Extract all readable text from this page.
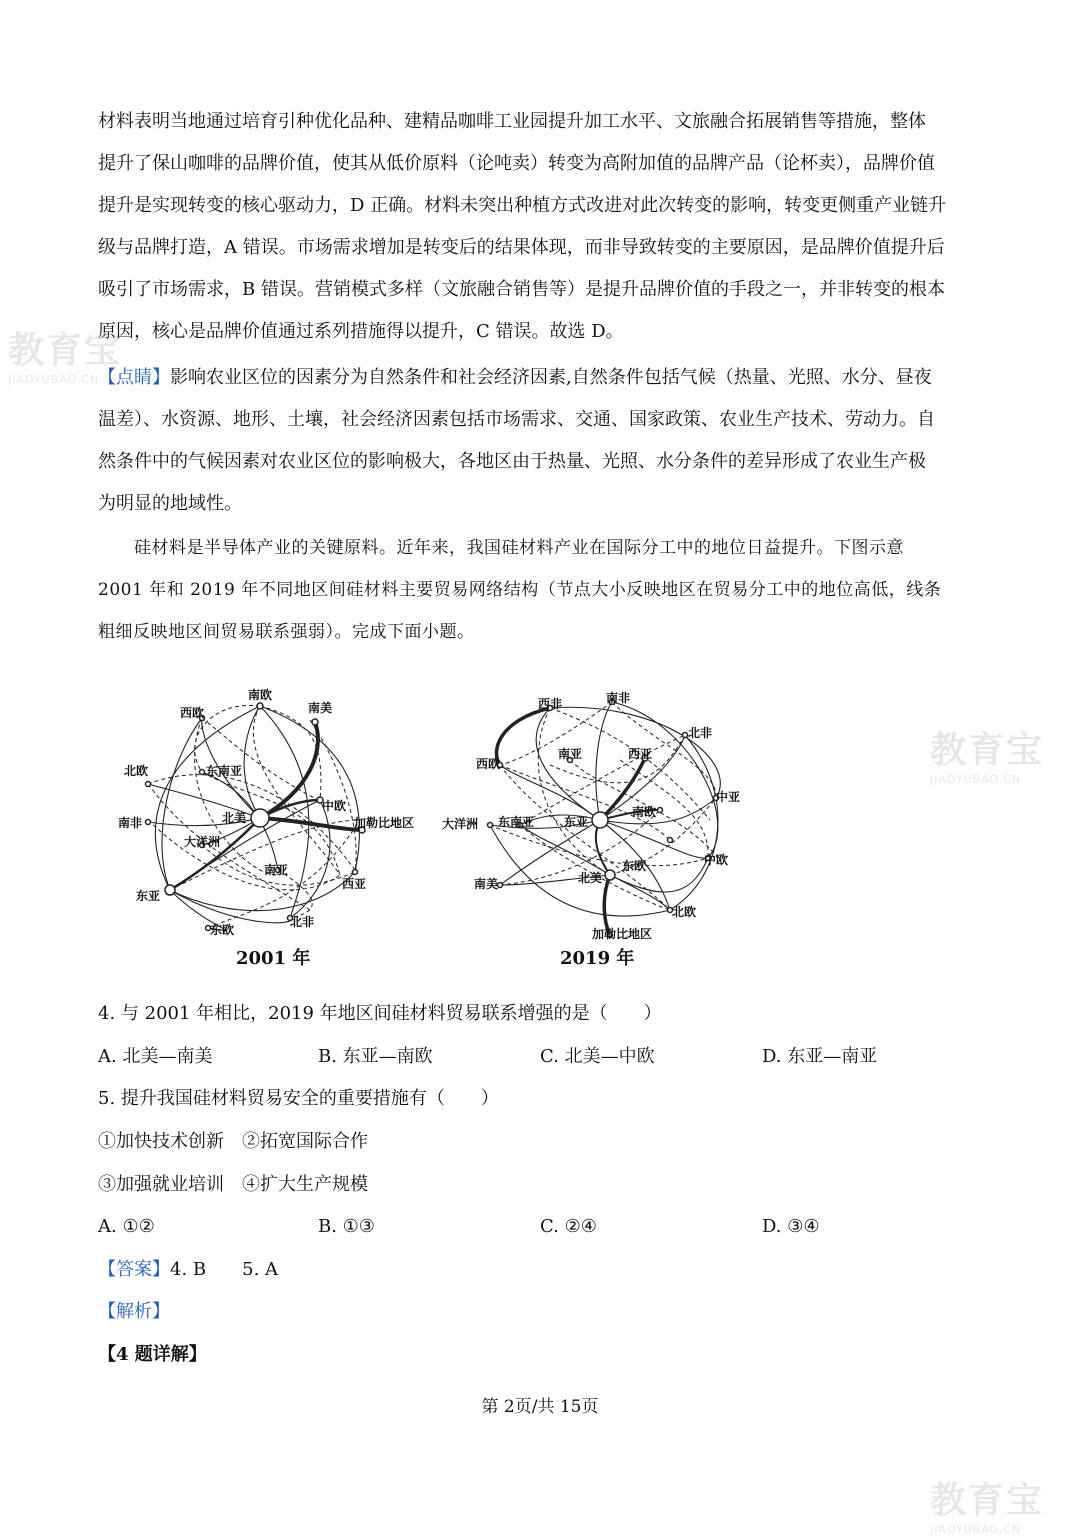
材料表明当地通过培育引种优化品种、建精品咖啡工业园提升加工水平、文旅融合拓展销售等措施，整体
提升了保山咖啡的品牌价值，使其从低价原料（论吨卖）转变为高附加值的品牌产品（论杯卖），品牌价值
提升是实现转变的核心驱动力，D 正确。材料未突出种植方式改进对此次转变的影响，转变更侧重产业链升
级与品牌打造，A 错误。市场需求增加是转变后的结果体现，而非导致转变的主要原因，是品牌价值提升后
吸引了市场需求，B 错误。营销模式多样（文旅融合销售等）是提升品牌价值的手段之一，并非转变的根本
原因，核心是品牌价值通过系列措施得以提升，C 错误。故选 D。
【点睛】影响农业区位的因素分为自然条件和社会经济因素,自然条件包括气候（热量、光照、水分、昼夜
温差）、水资源、地形、土壤，社会经济因素包括市场需求、交通、国家政策、农业生产技术、劳动力。自
然条件中的气候因素对农业区位的影响极大，各地区由于热量、光照、水分条件的差异形成了农业生产极
为明显的地域性。
硅材料是半导体产业的关键原料。近年来，我国硅材料产业在国际分工中的地位日益提升。下图示意
2001 年和 2019 年不同地区间硅材料主要贸易网络结构（节点大小反映地区在贸易分工中的地位高低，线条
粗细反映地区间贸易联系强弱）。完成下面小题。
南欧
南美
西欧
北欧	东南亚
北美
中欧
加勒比地区
南非
大洋洲
南亚
西亚
东亚
东欧
北非
西非	南非
北非
西亚
西欧
南亚
中亚
大洋洲 东南亚 东亚
南欧
东欧	中欧
南美	北美
北欧
加勒比地区
2001 年	2019 年
4. 与 2001 年相比，2019 年地区间硅材料贸易联系增强的是（　　）
A. 北美—南美	B. 东亚—南欧	C. 北美—中欧	D. 东亚—南亚
5. 提升我国硅材料贸易安全的重要措施有（　　）
①加快技术创新　②拓宽国际合作
③加强就业培训　④扩大生产规模
A. ①②	B. ①③	C. ②④	D. ③④
【答案】4. B　　5. A
【解析】
【4 题详解】
第 2页/共 15页
教育宝
JIAOYUBAO.CN
教育宝
JIAOYUBAO.CN
教育宝
JIAOYUBAO.CN
